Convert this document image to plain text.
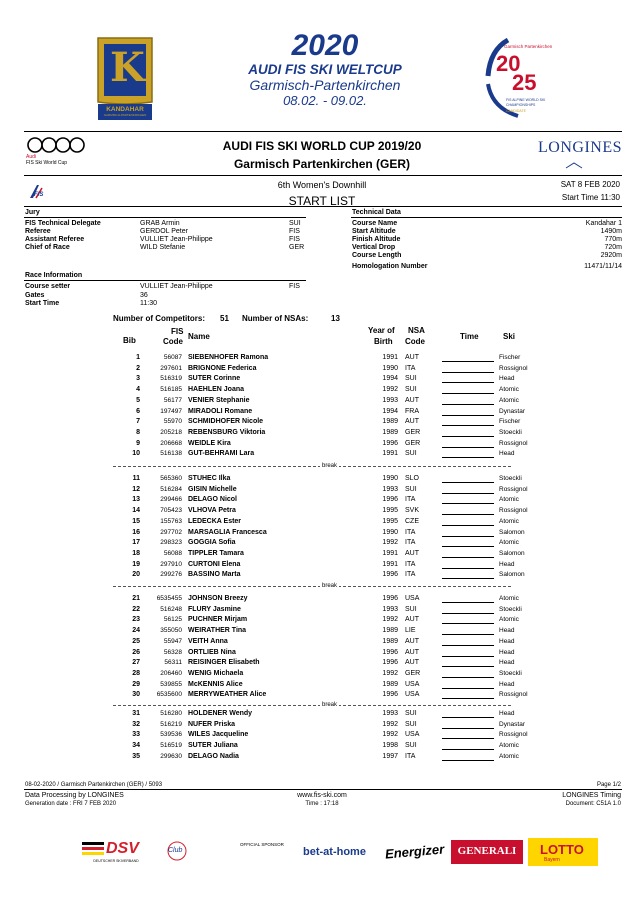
K
KANDAHAR
GARMISCH-PARTENKIRCHEN
2020
AUDI FIS SKI WELTCUP
Garmisch-Partenkirchen
08.02. - 09.02.
Garmisch Partenkirchen
20
25
FIS ALPINE WORLD SKI CHAMPIONSHIPS
CANDIDATE
Audi
FIS Ski World Cup
AUDI FIS SKI WORLD CUP 2019/20
Garmisch Partenkirchen (GER)
LONGINES
FIS
6th Women's Downhill
START LIST
SAT 8 FEB 2020
Start Time 11:30
Jury
FIS Technical Delegate	GRAB Armin	SUI
Referee	GERDOL Peter	FIS
Assistant Referee	VULLIET Jean-Philippe	FIS
Chief of Race	WILD Stefanie	GER
Technical Data
Course Name	Kandahar 1
Start Altitude	1490m
Finish Altitude	770m
Vertical Drop	720m
Course Length	2920m
Homologation Number	11471/11/14
Race Information
Course setter	VULLIET Jean-Philippe	FIS
Gates	36
Start Time	11:30
Number of Competitors: 51 Number of NSAs:	13
Bib
FIS
Code
Name
Year of
Birth
NSA
Code
Time	Ski
1	56087 SIEBENHOFER Ramona	1991 AUT	Fischer
2	297601 BRIGNONE Federica	1990 ITA	Rossignol
3	516319 SUTER Corinne	1994 SUI	Head
4	516185 HAEHLEN Joana	1992 SUI	Atomic
5	56177 VENIER Stephanie	1993 AUT	Atomic
6	197497 MIRADOLI Romane	1994 FRA	Dynastar
7	55970 SCHMIDHOFER Nicole	1989 AUT	Fischer
8	205218 REBENSBURG Viktoria	1989 GER	Stoeckli
9	206668 WEIDLE Kira	1996 GER	Rossignol
10	516138 GUT-BEHRAMI Lara	1991 SUI	Head
break
11	565360 STUHEC Ilka	1990 SLO	Stoeckli
12	516284 GISIN Michelle	1993 SUI	Rossignol
13	299466 DELAGO Nicol	1996 ITA	Atomic
14	705423 VLHOVA Petra	1995 SVK	Rossignol
15	155763 LEDECKA Ester	1995 CZE	Atomic
16	297702 MARSAGLIA Francesca	1990 ITA	Salomon
17	298323 GOGGIA Sofia	1992 ITA	Atomic
18	56088 TIPPLER Tamara	1991 AUT	Salomon
19	297910 CURTONI Elena	1991 ITA	Head
20	299276 BASSINO Marta	1996 ITA	Salomon
break
21	6535455 JOHNSON Breezy	1996 USA	Atomic
22	516248 FLURY Jasmine	1993 SUI	Stoeckli
23	56125 PUCHNER Mirjam	1992 AUT	Atomic
24	355050 WEIRATHER Tina	1989 LIE	Head
25	55947 VEITH Anna	1989 AUT	Head
26	56328 ORTLIEB Nina	1996 AUT	Head
27	56311 REISINGER Elisabeth	1996 AUT	Head
28	206460 WENIG Michaela	1992 GER	Stoeckli
29	539855 McKENNIS Alice	1989 USA	Head
30	6535600 MERRYWEATHER Alice	1996 USA	Rossignol
break
31	516280 HOLDENER Wendy	1993 SUI	Head
32	516219 NUFER Priska	1992 SUI	Dynastar
33	539536 WILES Jacqueline	1992 USA	Rossignol
34	516519 SUTER Juliana	1998 SUI	Atomic
35	299630 DELAGO Nadia	1997 ITA	Atomic
08-02-2020 / Garmisch Partenkirchen (GER) / 5093	Page 1/2
Data Processing by LONGINES	www.fis-ski.com	LONGINES Timing
Generation date : FRI 7 FEB 2020	Time : 17:18	Document: C51A 1.0
DSV
DEUTSCHER SKIVERBAND
Club
OFFICIAL SPONSOR
bet-at-home Energizer	GENERALI	LOTTO
Bayern
